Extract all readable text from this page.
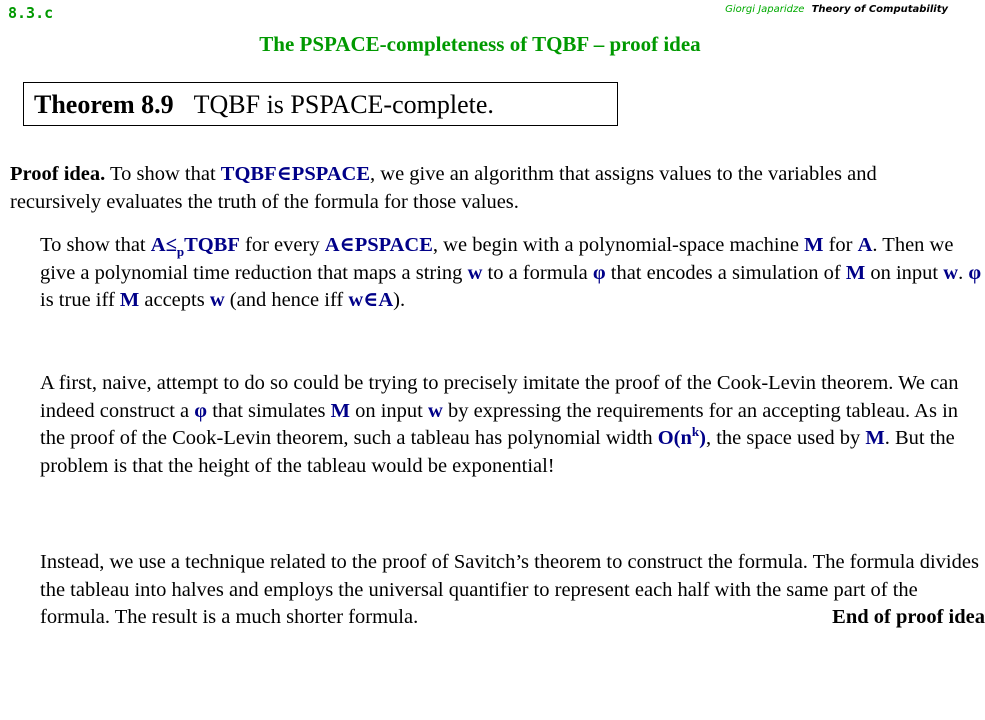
8.3.c	Giorgi Japaridze Theory of Computability
The PSPACE-completeness of TQBF – proof idea
Theorem 8.9 TQBF is PSPACE-complete.

Proof idea. To show that TQBF∈PSPACE, we give an algorithm that assigns values to the variables and recursively evaluates the truth of the formula for those values.

To show that $A\le_pTQBF$ for every A∈PSPACE, we begin with a polynomial-space machine M for A. Then we give a polynomial time reduction that maps a string w to a formula φ that encodes a simulation of M on input w. φ is true iff M accepts w (and hence iff w∈A).

A first, naive, attempt to do so could be trying to precisely imitate the proof of the Cook-Levin theorem. We can indeed construct a φ that simulates M on input w by expressing the requirements for an accepting tableau. As in the proof of the Cook-Levin theorem, such a tableau has polynomial width $O(n^k)$, the space used by M. But the problem is that the height of the tableau would be exponential!

Instead, we use a technique related to the proof of Savitch’s theorem to construct the formula. The formula divides the tableau into halves and employs the universal quantifier to represent each half with the same part of the formula. The result is a much shorter formula.	End of proof idea
